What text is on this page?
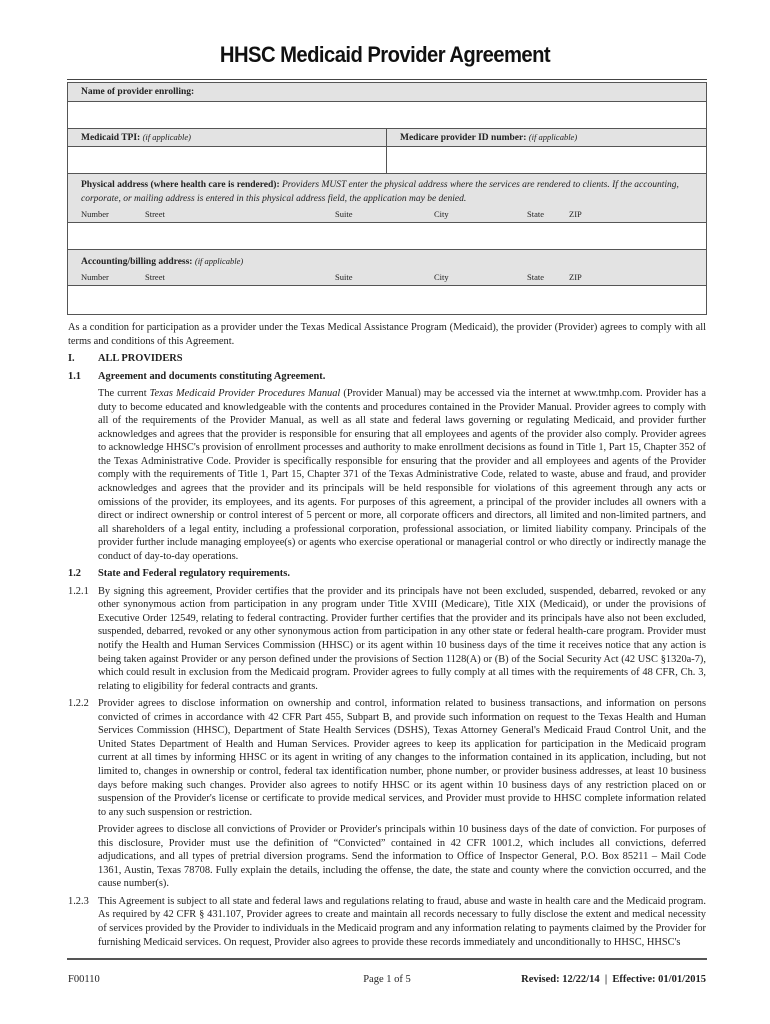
HHSC Medicaid Provider Agreement
Name of provider enrolling:
Medicaid TPI: (if applicable)	Medicare provider ID number: (if applicable)
Physical address (where health care is rendered): Providers MUST enter the physical address where the services are rendered to clients. If the accounting, corporate, or mailing address is entered in this physical address field, the application may be denied.
Number	Street	Suite	City	State	ZIP
Accounting/billing address: (if applicable)
Number	Street	Suite	City	State	ZIP

As a condition for participation as a provider under the Texas Medical Assistance Program (Medicaid), the provider (Provider) agrees to comply with all terms and conditions of this Agreement.

I.	ALL PROVIDERS
1.1	Agreement and documents constituting Agreement.
The current Texas Medicaid Provider Procedures Manual (Provider Manual) may be accessed via the internet at www.tmhp.com. Provider has a duty to become educated and knowledgeable with the contents and procedures contained in the Provider Manual. Provider agrees to comply with all of the requirements of the Provider Manual, as well as all state and federal laws governing or regulating Medicaid, and provider further acknowledges and agrees that the provider is responsible for ensuring that all employees and agents of the provider also comply. Provider agrees to acknowledge HHSC's provision of enrollment processes and authority to make enrollment decisions as found in Title 1, Part 15, Chapter 352 of the Texas Administrative Code. Provider is specifically responsible for ensuring that the provider and all employees and agents of the Provider comply with the requirements of Title 1, Part 15, Chapter 371 of the Texas Administrative Code, related to waste, abuse and fraud, and provider acknowledges and agrees that the provider and its principals will be held responsible for violations of this agreement through any acts or omissions of the provider, its employees, and its agents. For purposes of this agreement, a principal of the provider includes all owners with a direct or indirect ownership or control interest of 5 percent or more, all corporate officers and directors, all limited and non-limited partners, and all shareholders of a legal entity, including a professional corporation, professional association, or limited liability company. Principals of the provider further include managing employee(s) or agents who exercise operational or managerial control or who directly or indirectly manage the conduct of day-to-day operations.
1.2	State and Federal regulatory requirements.
1.2.1 By signing this agreement, Provider certifies that the provider and its principals have not been excluded, suspended, debarred, revoked or any other synonymous action from participation in any program under Title XVIII (Medicare), Title XIX (Medicaid), or under the provisions of Executive Order 12549, relating to federal contracting. Provider further certifies that the provider and its principals have also not been excluded, suspended, debarred, revoked or any other synonymous action from participation in any other state or federal health-care program. Provider must notify the Health and Human Services Commission (HHSC) or its agent within 10 business days of the time it receives notice that any action is being taken against Provider or any person defined under the provisions of Section 1128(A) or (B) of the Social Security Act (42 USC §1320a-7), which could result in exclusion from the Medicaid program. Provider agrees to fully comply at all times with the requirements of 48 CFR, Ch. 3, relating to eligibility for federal contracts and grants.
1.2.2 Provider agrees to disclose information on ownership and control, information related to business transactions, and information on persons convicted of crimes in accordance with 42 CFR Part 455, Subpart B, and provide such information on request to the Texas Health and Human Services Commission (HHSC), Department of State Health Services (DSHS), Texas Attorney General's Medicaid Fraud Control Unit, and the United States Department of Health and Human Services. Provider agrees to keep its application for participation in the Medicaid program current at all times by informing HHSC or its agent in writing of any changes to the information contained in its application, including, but not limited to, changes in ownership or control, federal tax identification number, phone number, or provider business addresses, at least 10 business days before making such changes. Provider also agrees to notify HHSC or its agent within 10 business days of any restriction placed on or suspension of the Provider's license or certificate to provide medical services, and Provider must provide to HHSC complete information related to any such suspension or restriction.
Provider agrees to disclose all convictions of Provider or Provider's principals within 10 business days of the date of conviction. For purposes of this disclosure, Provider must use the definition of “Convicted” contained in 42 CFR 1001.2, which includes all convictions, deferred adjudications, and all types of pretrial diversion programs. Send the information to Office of Inspector General, P.O. Box 85211 – Mail Code 1361, Austin, Texas 78708. Fully explain the details, including the offense, the date, the state and county where the conviction occurred, and the cause number(s).
1.2.3 This Agreement is subject to all state and federal laws and regulations relating to fraud, abuse and waste in health care and the Medicaid program. As required by 42 CFR § 431.107, Provider agrees to create and maintain all records necessary to fully disclose the extent and medical necessity of services provided by the Provider to individuals in the Medicaid program and any information relating to payments claimed by the Provider for furnishing Medicaid services. On request, Provider also agrees to provide these records immediately and unconditionally to HHSC, HHSC's
F00110	Page 1 of 5	Revised: 12/22/14  |  Effective: 01/01/2015
